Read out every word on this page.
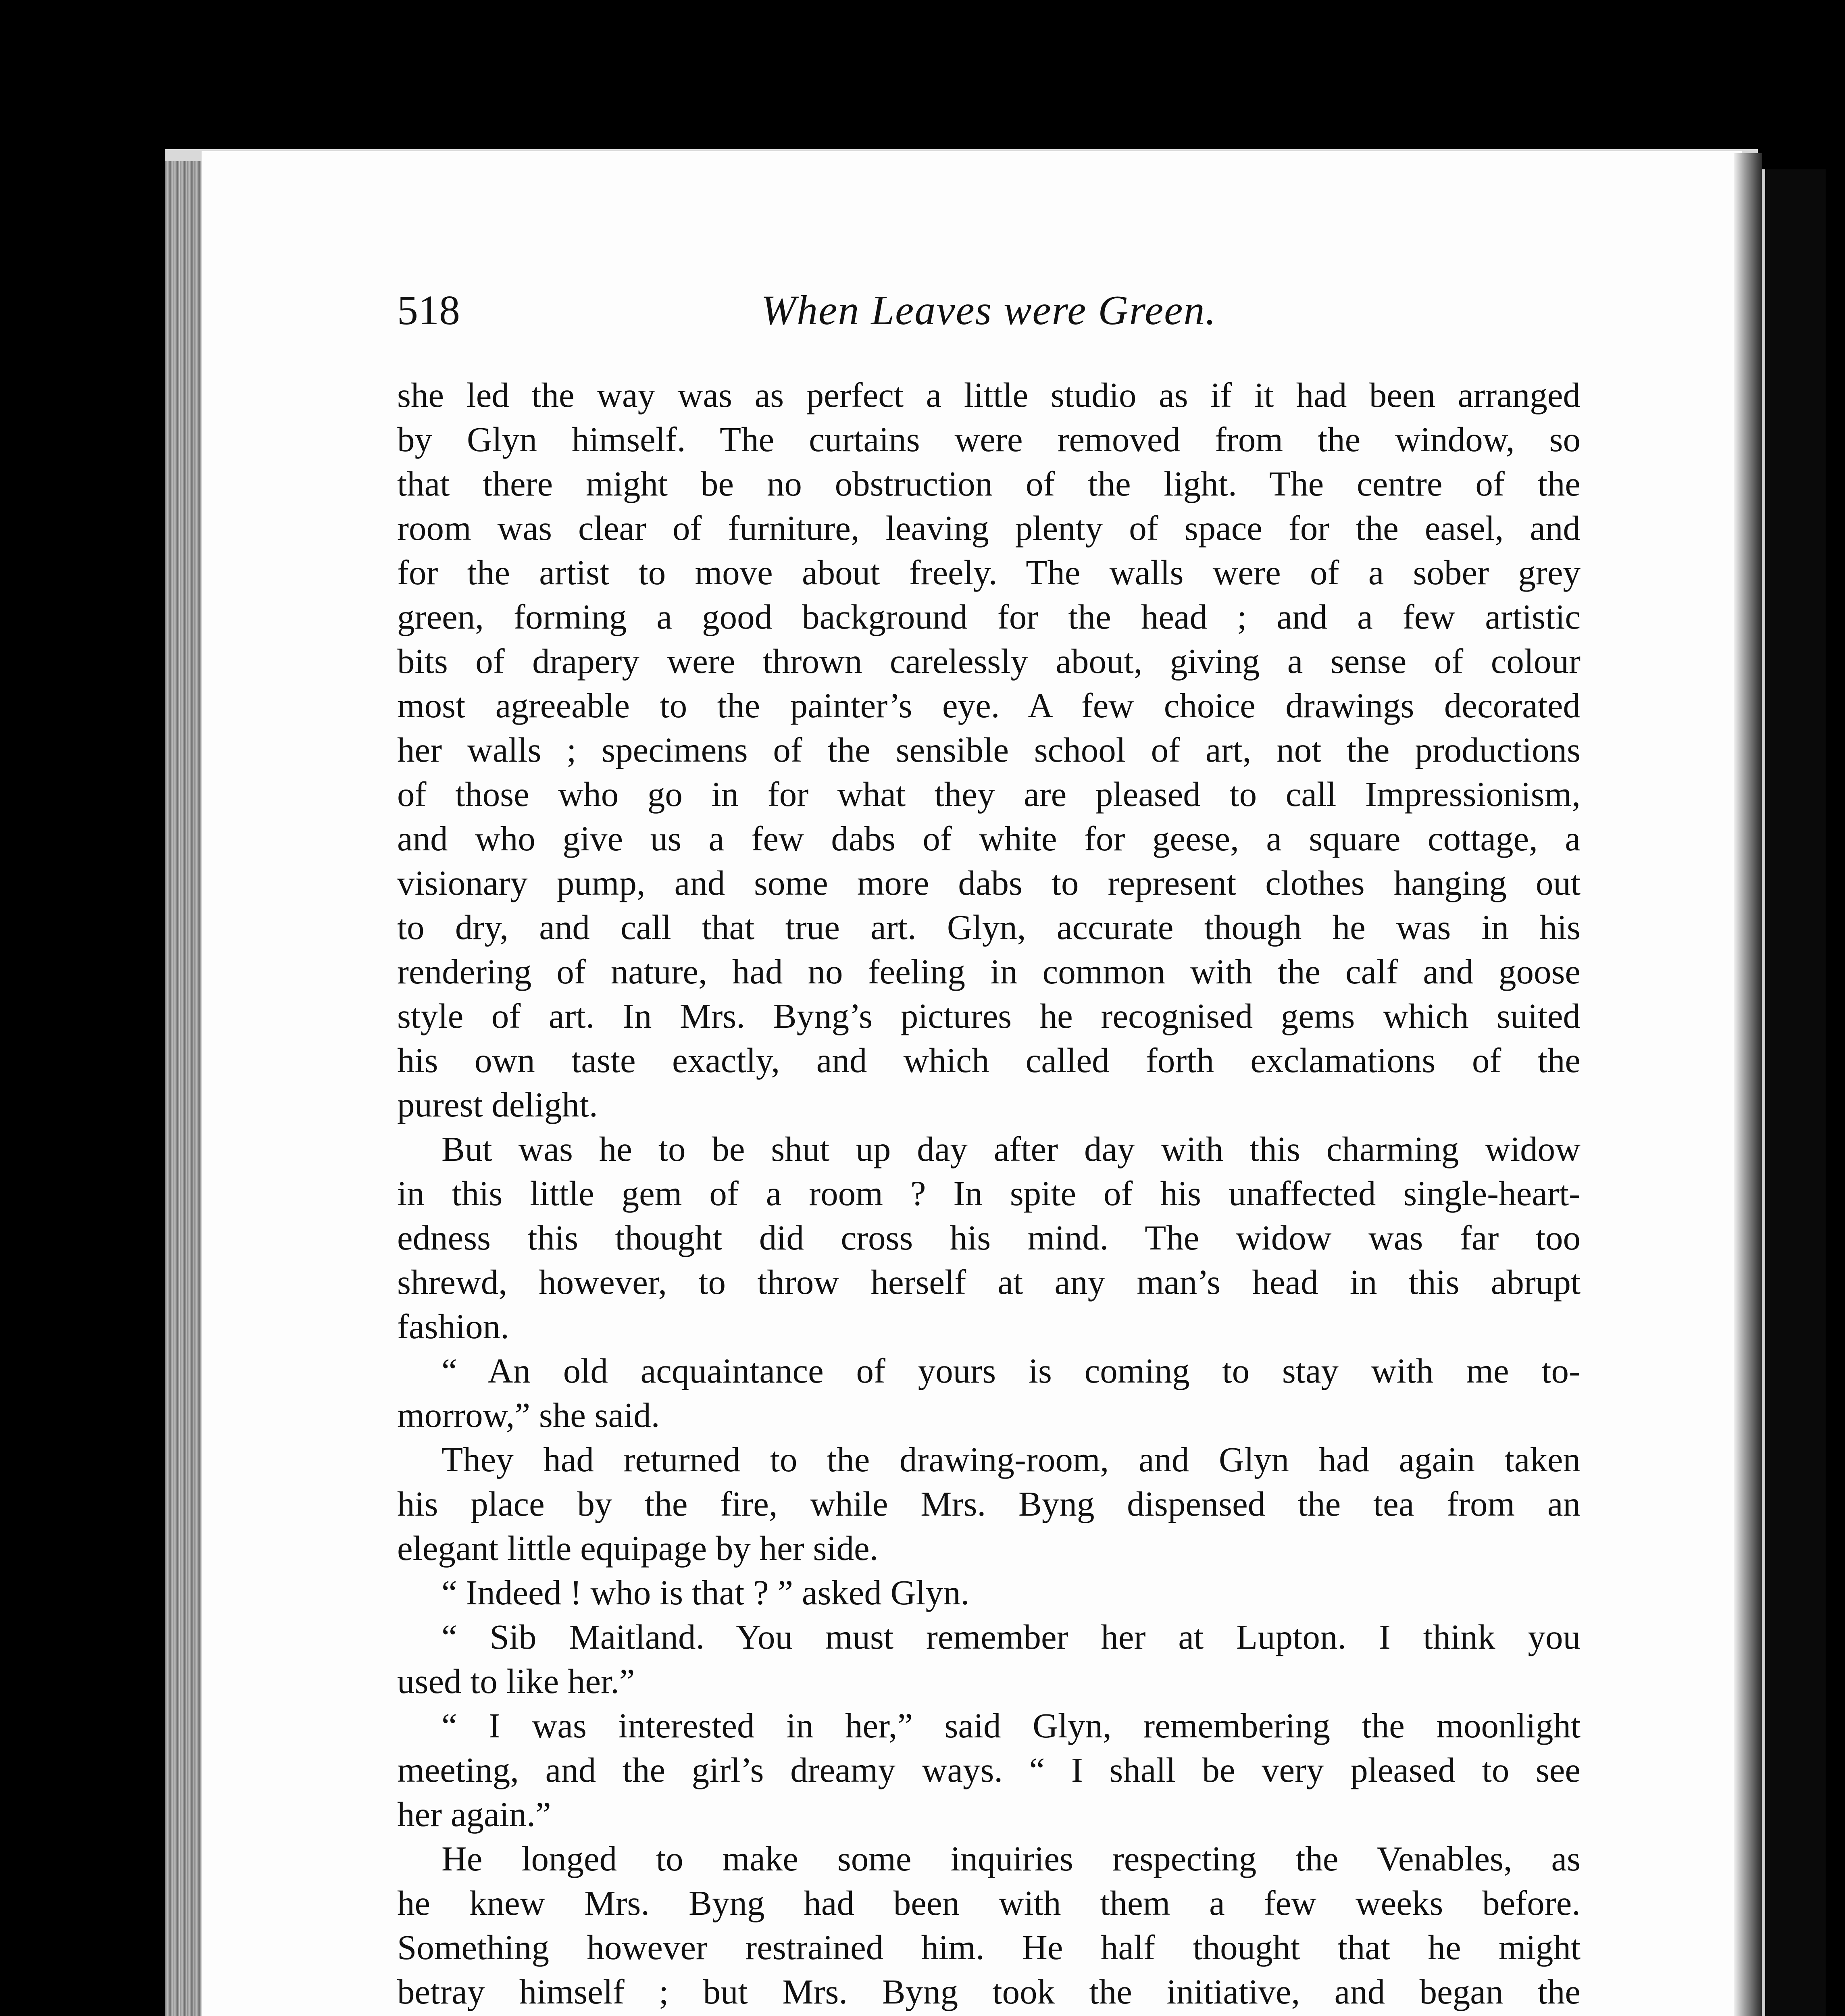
518	When Leaves were Green.
she led the way was as perfect a little studio as if it had been arranged
by Glyn himself. The curtains were removed from the window, so
that there might be no obstruction of the light. The centre of the
room was clear of furniture, leaving plenty of space for the easel, and
for the artist to move about freely. The walls were of a sober grey
green, forming a good background for the head ; and a few artistic
bits of drapery were thrown carelessly about, giving a sense of colour
most agreeable to the painter’s eye. A few choice drawings decorated
her walls ; specimens of the sensible school of art, not the productions
of those who go in for what they are pleased to call Impressionism,
and who give us a few dabs of white for geese, a square cottage, a
visionary pump, and some more dabs to represent clothes hanging out
to dry, and call that true art. Glyn, accurate though he was in his
rendering of nature, had no feeling in common with the calf and goose
style of art. In Mrs. Byng’s pictures he recognised gems which suited
his own taste exactly, and which called forth exclamations of the
purest delight.
But was he to be shut up day after day with this charming widow
in this little gem of a room ? In spite of his unaffected single-heart-
edness this thought did cross his mind. The widow was far too
shrewd, however, to throw herself at any man’s head in this abrupt
fashion.
“ An old acquaintance of yours is coming to stay with me to-
morrow,” she said.
They had returned to the drawing-room, and Glyn had again taken
his place by the fire, while Mrs. Byng dispensed the tea from an
elegant little equipage by her side.
“ Indeed ! who is that ? ” asked Glyn.
“ Sib Maitland. You must remember her at Lupton. I think you
used to like her.”
“ I was interested in her,” said Glyn, remembering the moonlight
meeting, and the girl’s dreamy ways. “ I shall be very pleased to see
her again.”
He longed to make some inquiries respecting the Venables, as
he knew Mrs. Byng had been with them a few weeks before.
Something however restrained him. He half thought that he might
betray himself ; but Mrs. Byng took the initiative, and began the
